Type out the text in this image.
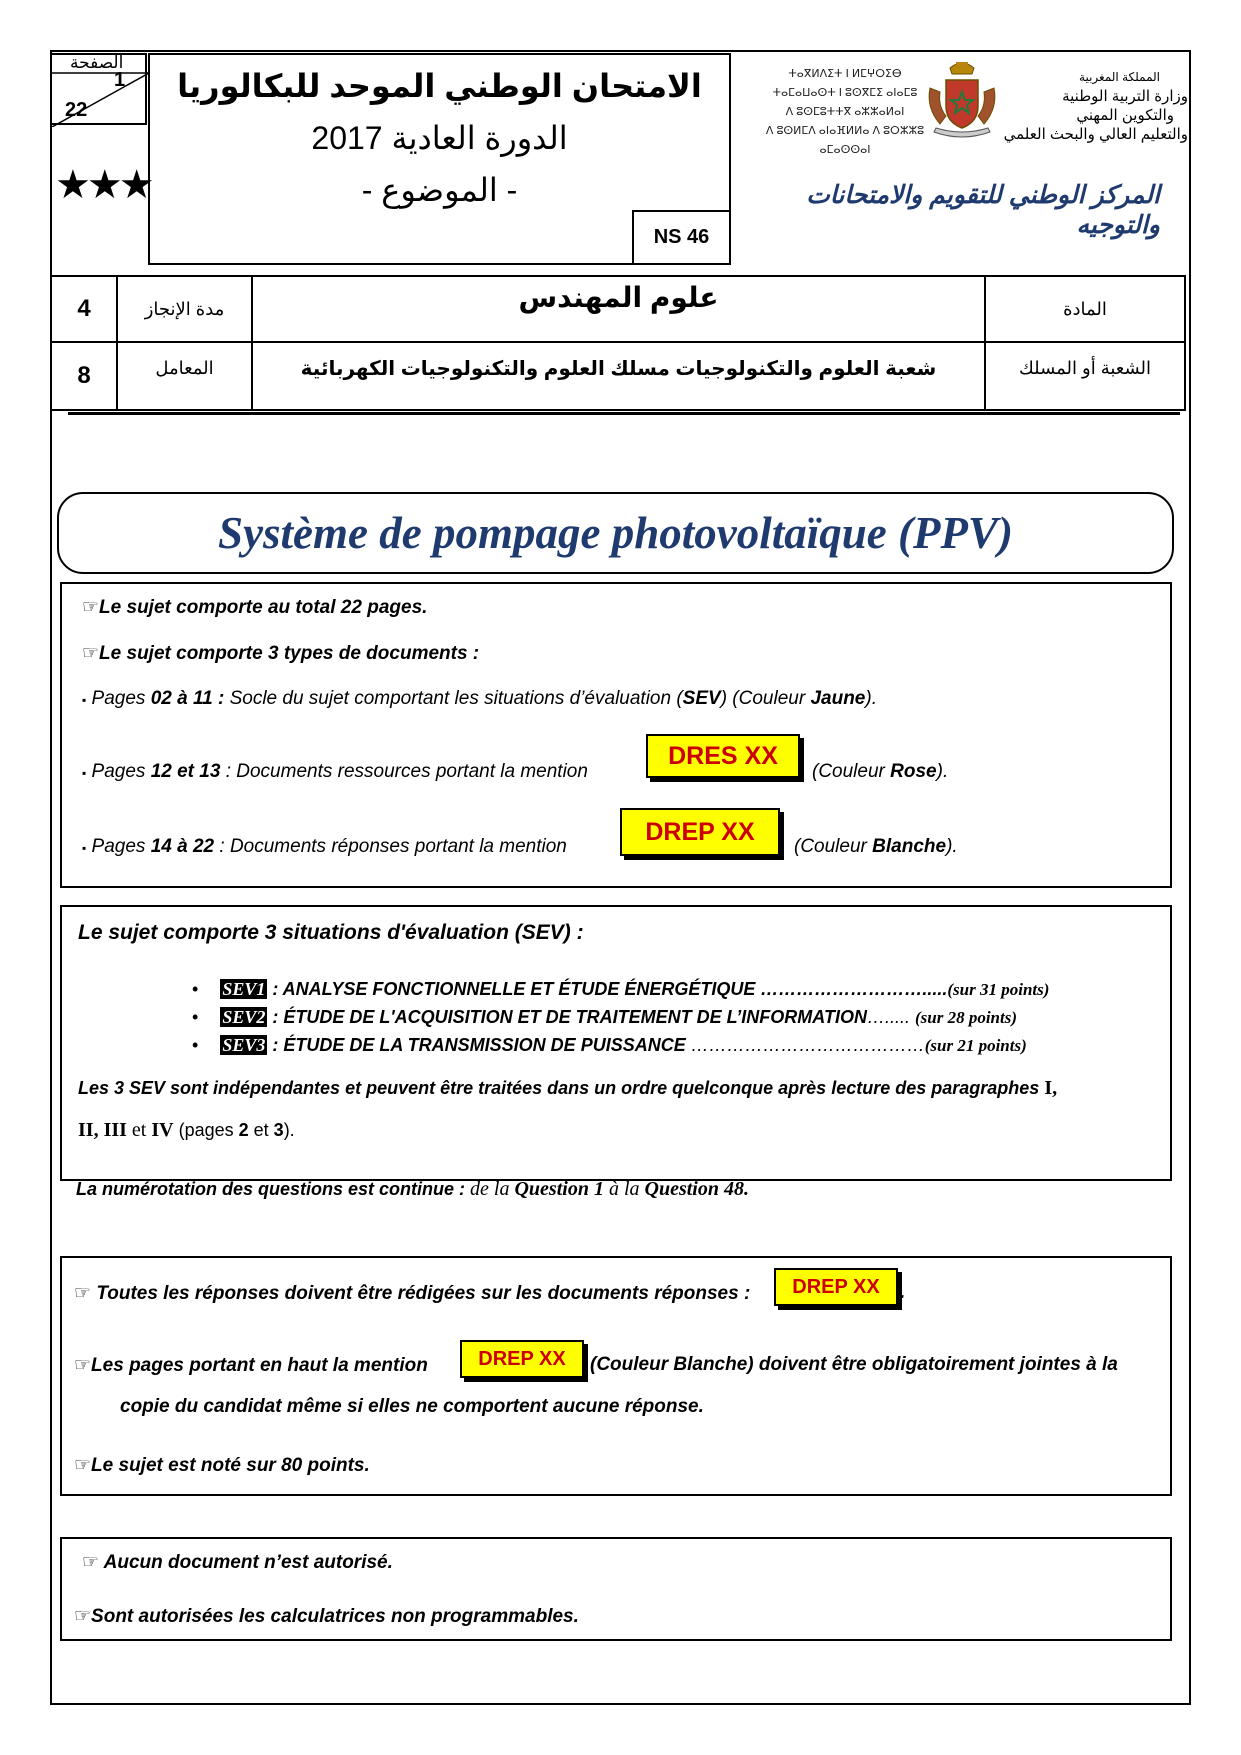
الصفحة
1
22
★★★
الامتحان الوطني الموحد للبكالوريا
الدورة العادية 2017
- الموضوع -
NS 46
ⵜⴰⴳⵍⴷⵉⵜ ⵏ ⵍⵎⵖⵔⵉⴱ
ⵜⴰⵎⴰⵡⴰⵙⵜ ⵏ ⵓⵙⴳⵎⵉ ⴰⵏⴰⵎⵓ
ⴷ ⵓⵙⵎⵓⵜⵜⴳ ⴰⵣⵣⴰⵍⴰⵏ
ⴷ ⵓⵙⵍⵎⴷ ⴰⵏⴰⴼⵍⵍⴰ ⴷ ⵓⵔⵣⵣⵓ ⴰⵎⴰⵙⵙⴰⵏ
المملكة المغربية
وزارة التربية الوطنية
والتكوين المهني
والتعليم العالي والبحث العلمي
المركز الوطني للتقويم والامتحانات والتوجيه
4	مدة الإنجاز	علوم المهندس	المادة
8	المعامل	شعبة العلوم والتكنولوجيات مسلك العلوم والتكنولوجيات الكهربائية	الشعبة أو المسلك
Système de pompage photovoltaïque (PPV)
☞Le sujet comporte au total 22 pages.
☞Le sujet comporte 3 types de documents :
▪ Pages 02 à 11 : Socle du sujet comportant les situations d’évaluation (SEV) (Couleur Jaune).
▪ Pages 12 et 13 : Documents ressources portant la mention
DRES XX
(Couleur Rose).
▪ Pages 14 à 22 : Documents réponses portant la mention
DREP XX
(Couleur Blanche).
Le sujet comporte 3 situations d'évaluation (SEV) :
• SEV1 : ANALYSE FONCTIONNELLE ET ÉTUDE ÉNERGÉTIQUE ……………………….....(sur 31 points)
• SEV2 : ÉTUDE DE L'ACQUISITION ET DE TRAITEMENT DE L’INFORMATION…..... (sur 28 points)
• SEV3 : ÉTUDE DE LA TRANSMISSION DE PUISSANCE …………………………………(sur 21 points)
Les 3 SEV sont indépendantes et peuvent être traitées dans un ordre quelconque après lecture des paragraphes I,
II, III et IV (pages 2 et 3).
La numérotation des questions est continue : de la Question 1 à la Question 48.
☞ Toutes les réponses doivent être rédigées sur les documents réponses : DREP XX .
☞Les pages portant en haut la mention	DREP XX (Couleur Blanche) doivent être obligatoirement jointes à la
copie du candidat même si elles ne comportent aucune réponse.
☞Le sujet est noté sur 80 points.
☞ Aucun document n’est autorisé.
☞Sont autorisées les calculatrices non programmables.
